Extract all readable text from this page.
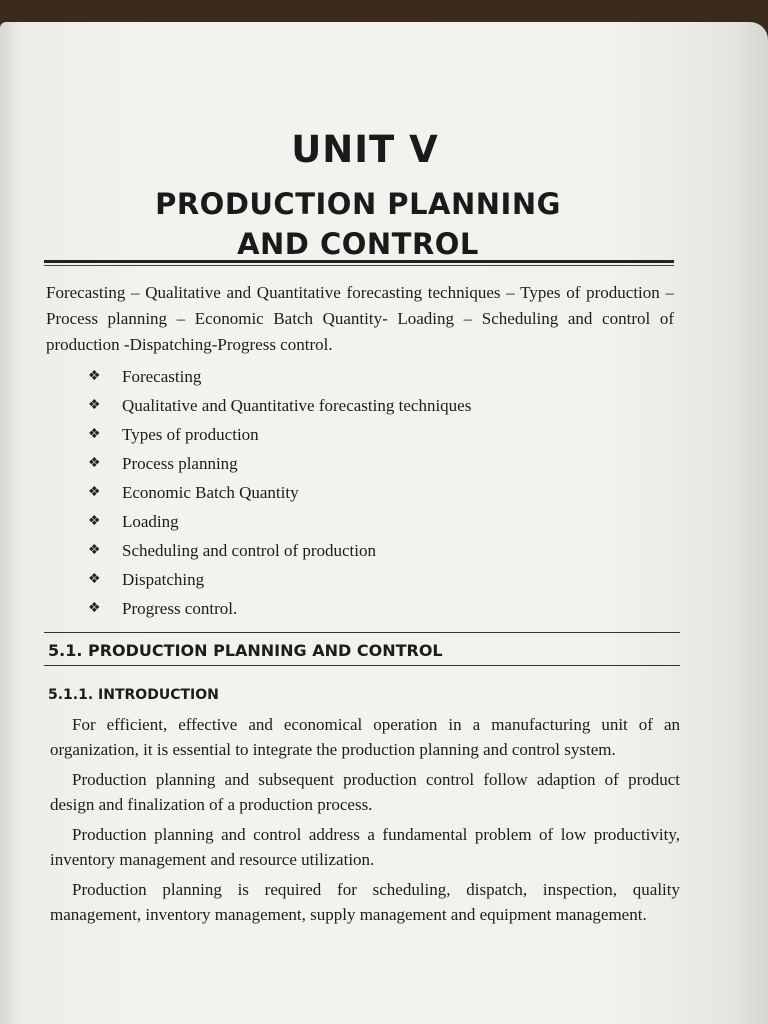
UNIT V
PRODUCTION PLANNING
AND CONTROL
Forecasting – Qualitative and Quantitative forecasting techniques – Types of production – Process planning – Economic Batch Quantity- Loading – Scheduling and control of production -Dispatching-Progress control.
❖	Forecasting
❖	Qualitative and Quantitative forecasting techniques
❖	Types of production
❖	Process planning
❖	Economic Batch Quantity
❖	Loading
❖	Scheduling and control of production
❖	Dispatching
❖	Progress control.
5.1. PRODUCTION PLANNING AND CONTROL
5.1.1. INTRODUCTION

For efficient, effective and economical operation in a manufacturing unit of an organization, it is essential to integrate the production planning and control system.

Production planning and subsequent production control follow adaption of product design and finalization of a production process.

Production planning and control address a fundamental problem of low productivity, inventory management and resource utilization.

Production planning is required for scheduling, dispatch, inspection, quality management, inventory management, supply management and equipment management.
